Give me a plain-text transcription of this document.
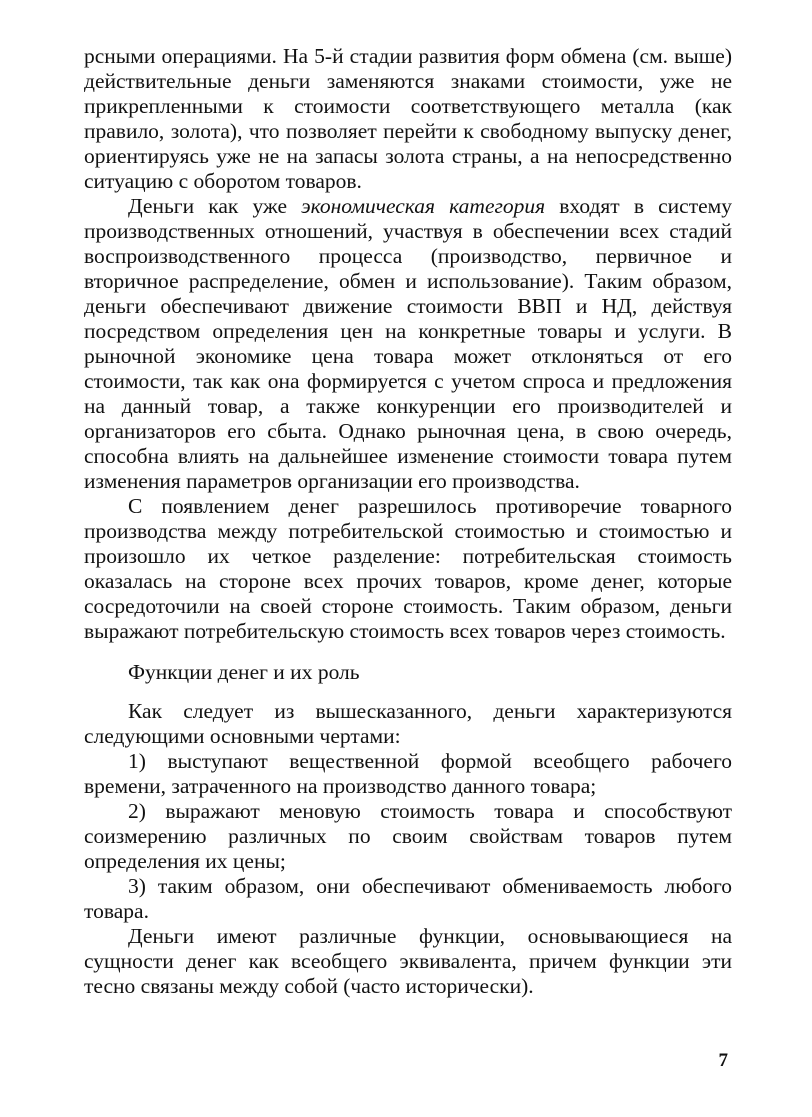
рсными операциями. На 5-й стадии развития форм обмена (см. выше) действительные деньги заменяются знаками стоимости, уже не прикрепленными к стоимости соответствующего металла (как правило, золота), что позволяет перейти к свободному выпуску денег, ориентируясь уже не на запасы золота страны, а на непосредственно ситуацию с оборотом товаров.

Деньги как уже экономическая категория входят в систему производственных отношений, участвуя в обеспечении всех стадий воспроизводственного процесса (производство, первичное и вторичное распределение, обмен и использование). Таким образом, деньги обеспечивают движение стоимости ВВП и НД, действуя посредством определения цен на конкретные товары и услуги. В рыночной экономике цена товара может отклоняться от его стоимости, так как она формируется с учетом спроса и предложения на данный товар, а также конкуренции его производителей и организаторов его сбыта. Однако рыночная цена, в свою очередь, способна влиять на дальнейшее изменение стоимости товара путем изменения параметров организации его производства.

С появлением денег разрешилось противоречие товарного производства между потребительской стоимостью и стоимостью и произошло их четкое разделение: потребительская стоимость оказалась на стороне всех прочих товаров, кроме денег, которые сосредоточили на своей стороне стоимость. Таким образом, деньги выражают потребительскую стоимость всех товаров через стоимость.

Функции денег и их роль

Как следует из вышесказанного, деньги характеризуются следующими основными чертами:

1) выступают вещественной формой всеобщего рабочего времени, затраченного на производство данного товара;

2) выражают меновую стоимость товара и способствуют соизмерению различных по своим свойствам товаров путем определения их цены;

3) таким образом, они обеспечивают обмениваемость любого товара.

Деньги имеют различные функции, основывающиеся на сущности денег как всеобщего эквивалента, причем функции эти тесно связаны между собой (часто исторически).

7
